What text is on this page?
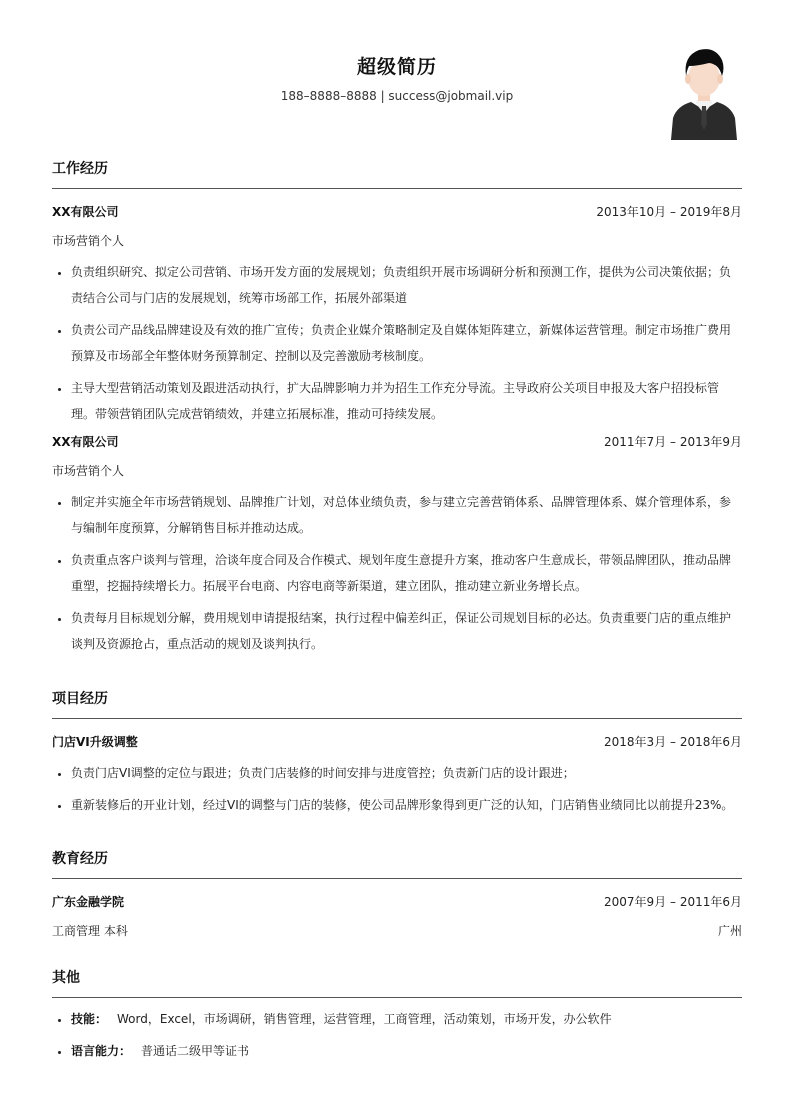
超级简历
188–8888–8888 | success@jobmail.vip
工作经历
XX有限公司	2013年10月 – 2019年8月
市场营销个人
• 负责组织研究、拟定公司营销、市场开发方面的发展规划；负责组织开展市场调研分析和预测工作，提供为公司决策依据；负责结合公司与门店的发展规划，统筹市场部工作，拓展外部渠道
• 负责公司产品线品牌建设及有效的推广宣传；负责企业媒介策略制定及自媒体矩阵建立，新媒体运营管理。制定市场推广费用预算及市场部全年整体财务预算制定、控制以及完善激励考核制度。
• 主导大型营销活动策划及跟进活动执行，扩大品牌影响力并为招生工作充分导流。主导政府公关项目申报及大客户招投标管理。带领营销团队完成营销绩效，并建立拓展标准，推动可持续发展。
XX有限公司	2011年7月 – 2013年9月
市场营销个人
• 制定并实施全年市场营销规划、品牌推广计划，对总体业绩负责，参与建立完善营销体系、品牌管理体系、媒介管理体系，参与编制年度预算，分解销售目标并推动达成。
• 负责重点客户谈判与管理，洽谈年度合同及合作模式、规划年度生意提升方案，推动客户生意成长，带领品牌团队，推动品牌重塑，挖掘持续增长力。拓展平台电商、内容电商等新渠道，建立团队，推动建立新业务增长点。
• 负责每月目标规划分解，费用规划申请提报结案，执行过程中偏差纠正，保证公司规划目标的必达。负责重要门店的重点维护谈判及资源抢占，重点活动的规划及谈判执行。
项目经历
门店VI升级调整	2018年3月 – 2018年6月
• 负责门店VI调整的定位与跟进；负责门店装修的时间安排与进度管控；负责新门店的设计跟进；
• 重新装修后的开业计划，经过VI的调整与门店的装修，使公司品牌形象得到更广泛的认知，门店销售业绩同比以前提升23%。
教育经历
广东金融学院	2007年9月 – 2011年6月
工商管理 本科	广州
其他
• 技能： Word，Excel，市场调研，销售管理，运营管理，工商管理，活动策划，市场开发，办公软件
• 语言能力： 普通话二级甲等证书
